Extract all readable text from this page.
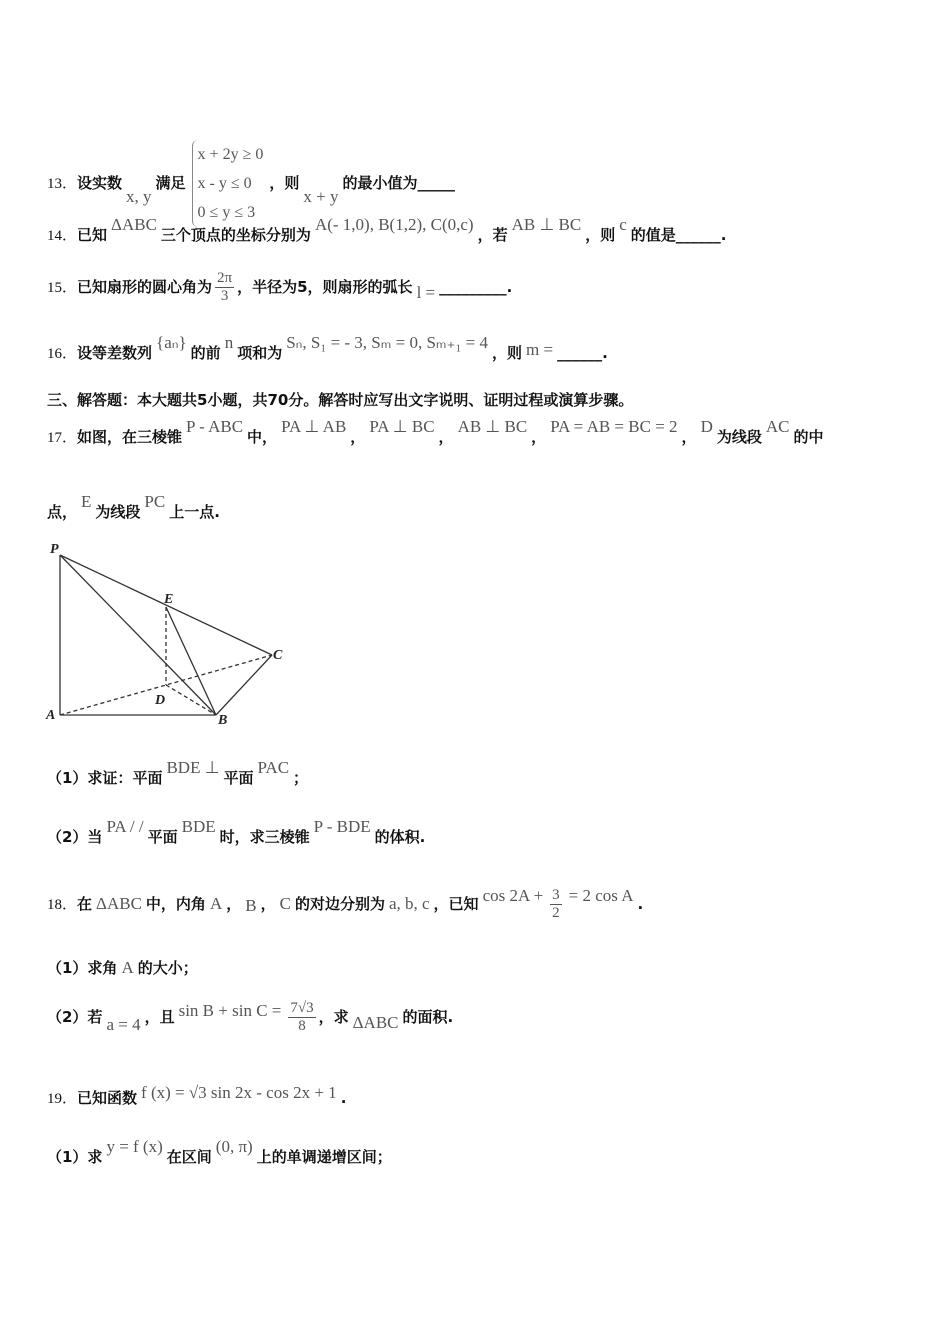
13．设实数x, y满足
x + 2y ≥ 0
x - y ≤ 0
0 ≤ y ≤ 3
，则x + y的最小值为_____
14．已知ΔABC三个顶点的坐标分别为A(- 1,0), B(1,2), C(0,c)，若AB ⊥ BC，则c的值是______.
15．已知扇形的圆心角为 $\frac{2\pi}{3}$ ，半径为5，则扇形的弧长 l = _________.
16．设等差数列{aₙ}的前n项和为Sₙ, S₁ = - 3, Sₘ = 0, Sₘ₊₁ = 4，则 m = ______.
三、解答题：本大题共5小题，共70分。解答时应写出文字说明、证明过程或演算步骤。
17．如图，在三棱锥P - ABC中，PA ⊥ AB，PA ⊥ BC，AB ⊥ BC，PA = AB = BC = 2，D为线段AC的中
点，E为线段PC上一点.
P
E
C
D
A	B
（1）求证：平面BDE ⊥平面PAC；
（2）当PA / /平面BDE时，求三棱锥P - BDE的体积.
18．在 ΔABC 中，内角 A ， B ， C 的对边分别为 a, b, c ，已知 $\cos 2A + \frac{3}{2} = 2$ cos A .
（1）求角 A 的大小；
（2）若 a = 4 ，且 $\sin B + \sin C = \frac{7√3}{8}$ ，求 ΔABC 的面积.
19．已知函数 f (x) = √3 sin 2x - cos 2x + 1 .
（1）求y = f (x)在区间(0, π)上的单调递增区间；
